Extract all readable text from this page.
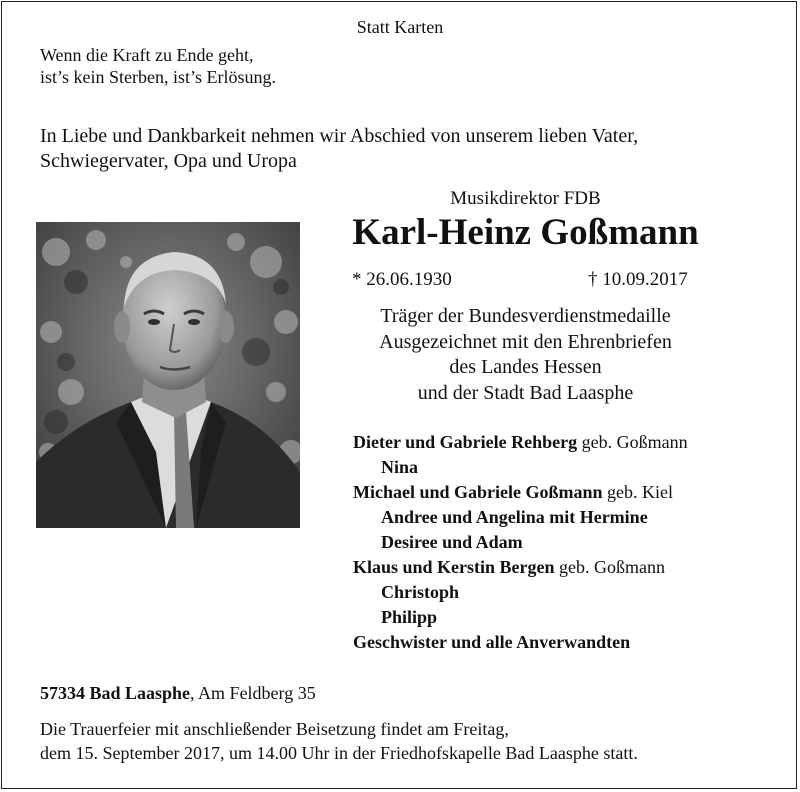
Statt Karten
Wenn die Kraft zu Ende geht,
ist’s kein Sterben, ist’s Erlösung.
In Liebe und Dankbarkeit nehmen wir Abschied von unserem lieben Vater,
Schwiegervater, Opa und Uropa
Musikdirektor FDB
Karl-Heinz Goßmann
* 26.06.1930	† 10.09.2017
Träger der Bundesverdienstmedaille
Ausgezeichnet mit den Ehrenbriefen
des Landes Hessen
und der Stadt Bad Laasphe
Dieter und Gabriele Rehberg geb. Goßmann
Nina
Michael und Gabriele Goßmann geb. Kiel
Andree und Angelina mit Hermine
Desiree und Adam
Klaus und Kerstin Bergen geb. Goßmann
Christoph
Philipp
Geschwister und alle Anverwandten
57334 Bad Laasphe, Am Feldberg 35
Die Trauerfeier mit anschließender Beisetzung findet am Freitag,
dem 15. September 2017, um 14.00 Uhr in der Friedhofskapelle Bad Laasphe statt.
